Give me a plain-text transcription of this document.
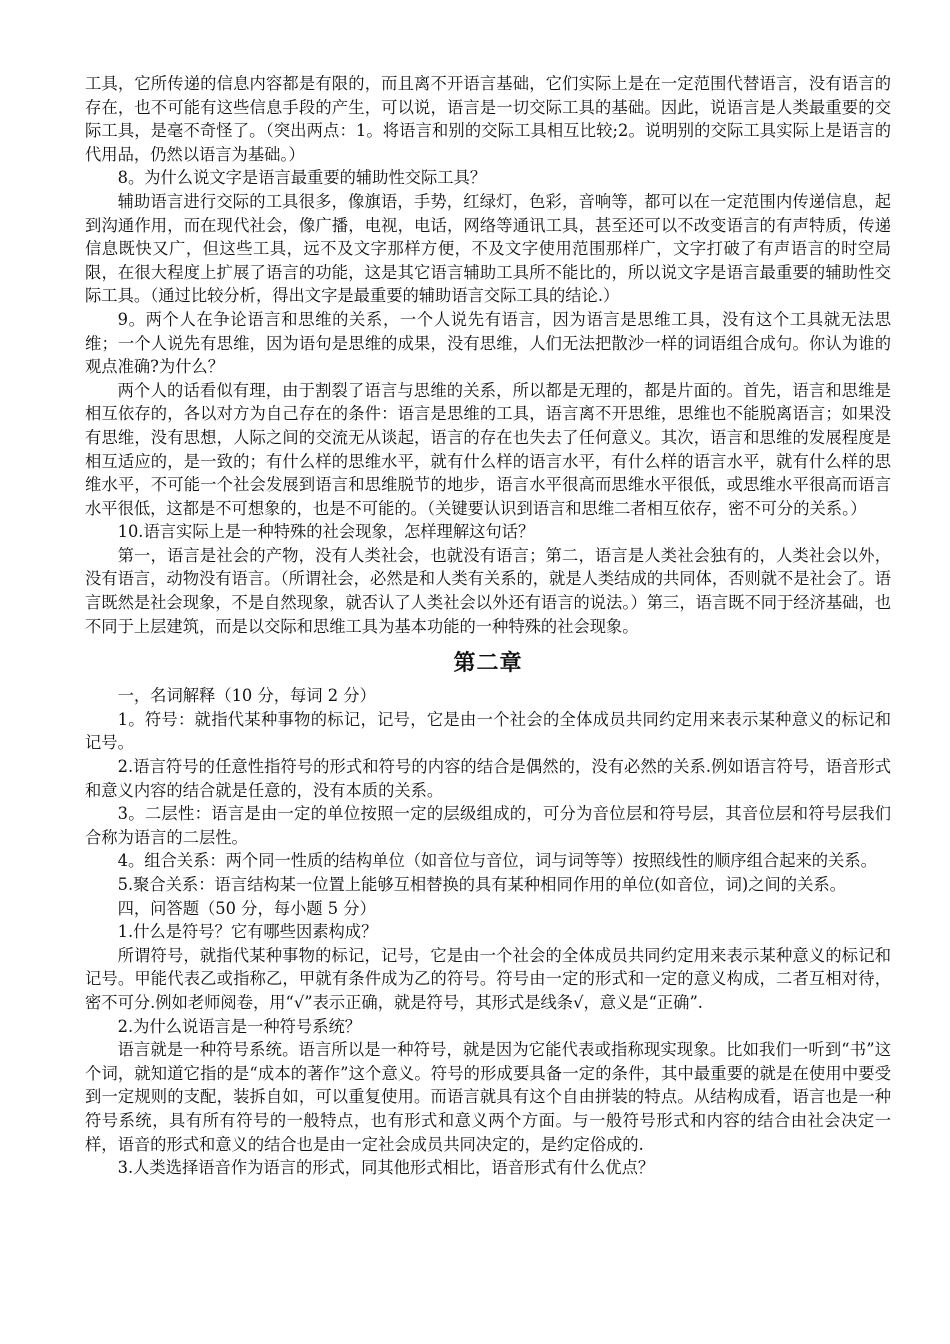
工具，它所传递的信息内容都是有限的，而且离不开语言基础，它们实际上是在一定范围代替语言，没有语言的存在，也不可能有这些信息手段的产生，可以说，语言是一切交际工具的基础。因此，说语言是人类最重要的交际工具，是毫不奇怪了。（突出两点：1。将语言和别的交际工具相互比较;2。说明别的交际工具实际上是语言的代用品，仍然以语言为基础。）

8。为什么说文字是语言最重要的辅助性交际工具？

辅助语言进行交际的工具很多，像旗语，手势，红绿灯，色彩，音响等，都可以在一定范围内传递信息，起到沟通作用，而在现代社会，像广播，电视，电话，网络等通讯工具，甚至还可以不改变语言的有声特质，传递信息既快又广，但这些工具，远不及文字那样方便，不及文字使用范围那样广，文字打破了有声语言的时空局限，在很大程度上扩展了语言的功能，这是其它语言辅助工具所不能比的，所以说文字是语言最重要的辅助性交际工具。（通过比较分析，得出文字是最重要的辅助语言交际工具的结论.）

9。两个人在争论语言和思维的关系，一个人说先有语言，因为语言是思维工具，没有这个工具就无法思维；一个人说先有思维，因为语句是思维的成果，没有思维，人们无法把散沙一样的词语组合成句。你认为谁的观点准确?为什么？

两个人的话看似有理，由于割裂了语言与思维的关系，所以都是无理的，都是片面的。首先，语言和思维是相互依存的，各以对方为自己存在的条件：语言是思维的工具，语言离不开思维，思维也不能脱离语言；如果没有思维，没有思想，人际之间的交流无从谈起，语言的存在也失去了任何意义。其次，语言和思维的发展程度是相互适应的，是一致的；有什么样的思维水平，就有什么样的语言水平，有什么样的语言水平，就有什么样的思维水平，不可能一个社会发展到语言和思维脱节的地步，语言水平很高而思维水平很低，或思维水平很高而语言水平很低，这都是不可想象的，也是不可能的。（关键要认识到语言和思维二者相互依存，密不可分的关系。）

10.语言实际上是一种特殊的社会现象，怎样理解这句话？

第一，语言是社会的产物，没有人类社会，也就没有语言；第二，语言是人类社会独有的，人类社会以外，没有语言，动物没有语言。（所谓社会，必然是和人类有关系的，就是人类结成的共同体，否则就不是社会了。语言既然是社会现象，不是自然现象，就否认了人类社会以外还有语言的说法。）第三，语言既不同于经济基础，也不同于上层建筑，而是以交际和思维工具为基本功能的一种特殊的社会现象。

第二章

一，名词解释（10 分，每词 2 分）

1。符号：就指代某种事物的标记，记号，它是由一个社会的全体成员共同约定用来表示某种意义的标记和记号。

2.语言符号的任意性指符号的形式和符号的内容的结合是偶然的，没有必然的关系.例如语言符号，语音形式和意义内容的结合就是任意的，没有本质的关系。

3。二层性：语言是由一定的单位按照一定的层级组成的，可分为音位层和符号层，其音位层和符号层我们合称为语言的二层性。

4。组合关系：两个同一性质的结构单位（如音位与音位，词与词等等）按照线性的顺序组合起来的关系。

5.聚合关系：语言结构某一位置上能够互相替换的具有某种相同作用的单位(如音位，词)之间的关系。

四，问答题（50 分，每小题 5 分）

1.什么是符号？它有哪些因素构成？

所谓符号，就指代某种事物的标记，记号，它是由一个社会的全体成员共同约定用来表示某种意义的标记和记号。甲能代表乙或指称乙，甲就有条件成为乙的符号。符号由一定的形式和一定的意义构成，二者互相对待，密不可分.例如老师阅卷，用“√”表示正确，就是符号，其形式是线条√，意义是“正确”.

2.为什么说语言是一种符号系统？

语言就是一种符号系统。语言所以是一种符号，就是因为它能代表或指称现实现象。比如我们一听到“书”这个词，就知道它指的是“成本的著作”这个意义。符号的形成要具备一定的条件，其中最重要的就是在使用中要受到一定规则的支配，装拆自如，可以重复使用。而语言就具有这个自由拼装的特点。从结构成看，语言也是一种符号系统，具有所有符号的一般特点，也有形式和意义两个方面。与一般符号形式和内容的结合由社会决定一样，语音的形式和意义的结合也是由一定社会成员共同决定的，是约定俗成的.

3.人类选择语音作为语言的形式，同其他形式相比，语音形式有什么优点？
